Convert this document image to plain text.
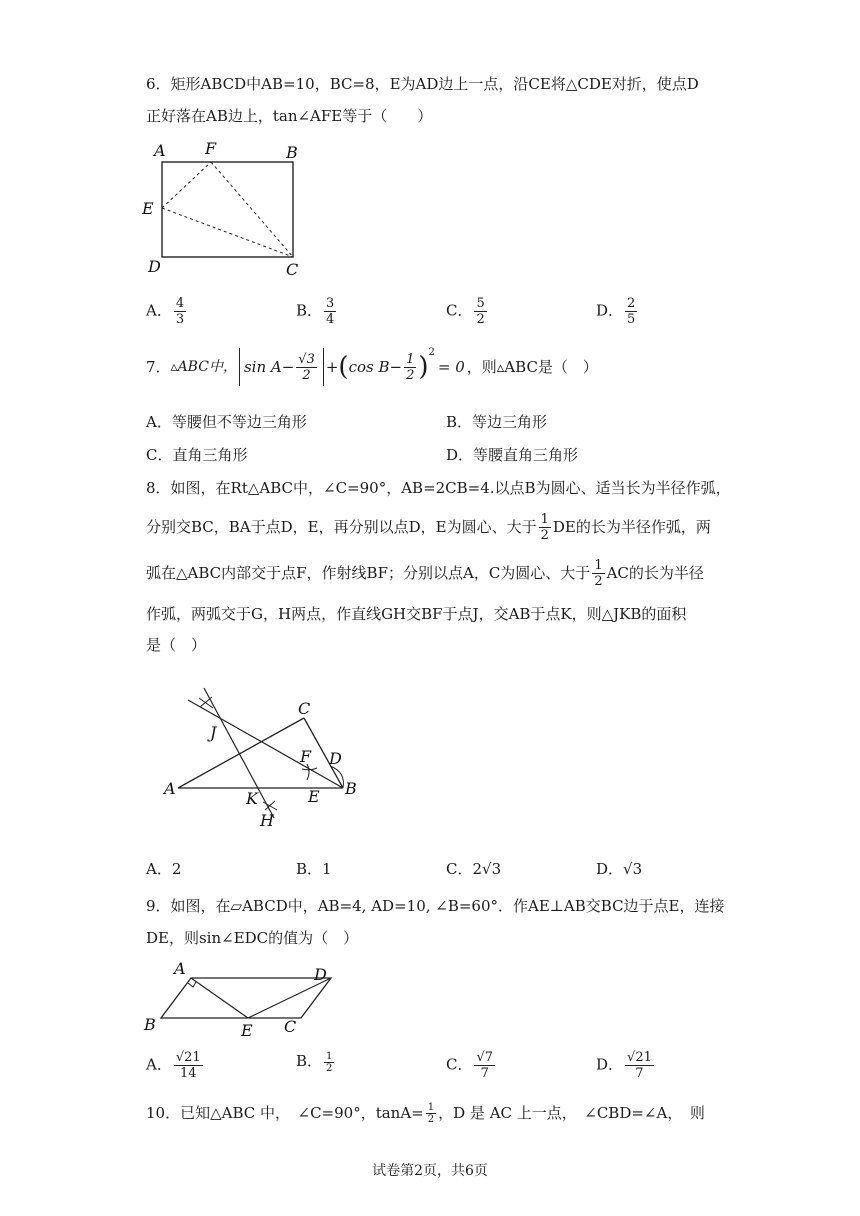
6．矩形ABCD中AB=10，BC=8，E为AD边上一点，沿CE将△CDE对折，使点D
正好落在AB边上，tan∠AFE等于（　　）
A F	B
E
D	C
A． $\frac{4}{3}$	B． $\frac{3}{4}$	C． $\frac{5}{2}$	D． $\frac{2}{5}$
7． ▵ABC中， $\sin A- \frac{√3}{2}$ + ( $\cos B- \frac{1}{2}$ ) 2
= 0 ，则▵ABC是（　）
A．等腰但不等边三角形	B．等边三角形
C．直角三角形	D．等腰直角三角形
8．如图，在Rt△ABC中，∠C=90°，AB=2CB=4.以点B为圆心、适当长为半径作弧，
分别交BC，BA于点D，E，再分别以点D，E为圆心、大于 $\frac{1}{2}$ DE的长为半径作弧，两
弧在△ABC内部交于点F，作射线BF；分别以点A，C为圆心、大于 $\frac{1}{2}$ AC的长为半径
作弧，两弧交于G，H两点，作直线GH交BF于点J，交AB于点K，则△JKB的面积
是（　）
C
J
F D
A
K	E B
H
A．2	B．1	C．2√3	D．√3
9．如图，在▱ABCD中，AB=4, AD=10, ∠B=60°．作AE⊥AB交BC边于点E，连接
DE，则sin∠EDC的值为（　）
A	D
B	E C
A． $\frac{√21}{14}$	B． $\frac{1}{2}$	C． $\frac{√7}{7}$	D． $\frac{√21}{7}$
10．已知△ABC 中，　∠C=90°，$\tan A= \frac{1}{2}$ ，D 是 AC 上一点，　∠CBD=∠A，　则
试卷第2页，共6页
